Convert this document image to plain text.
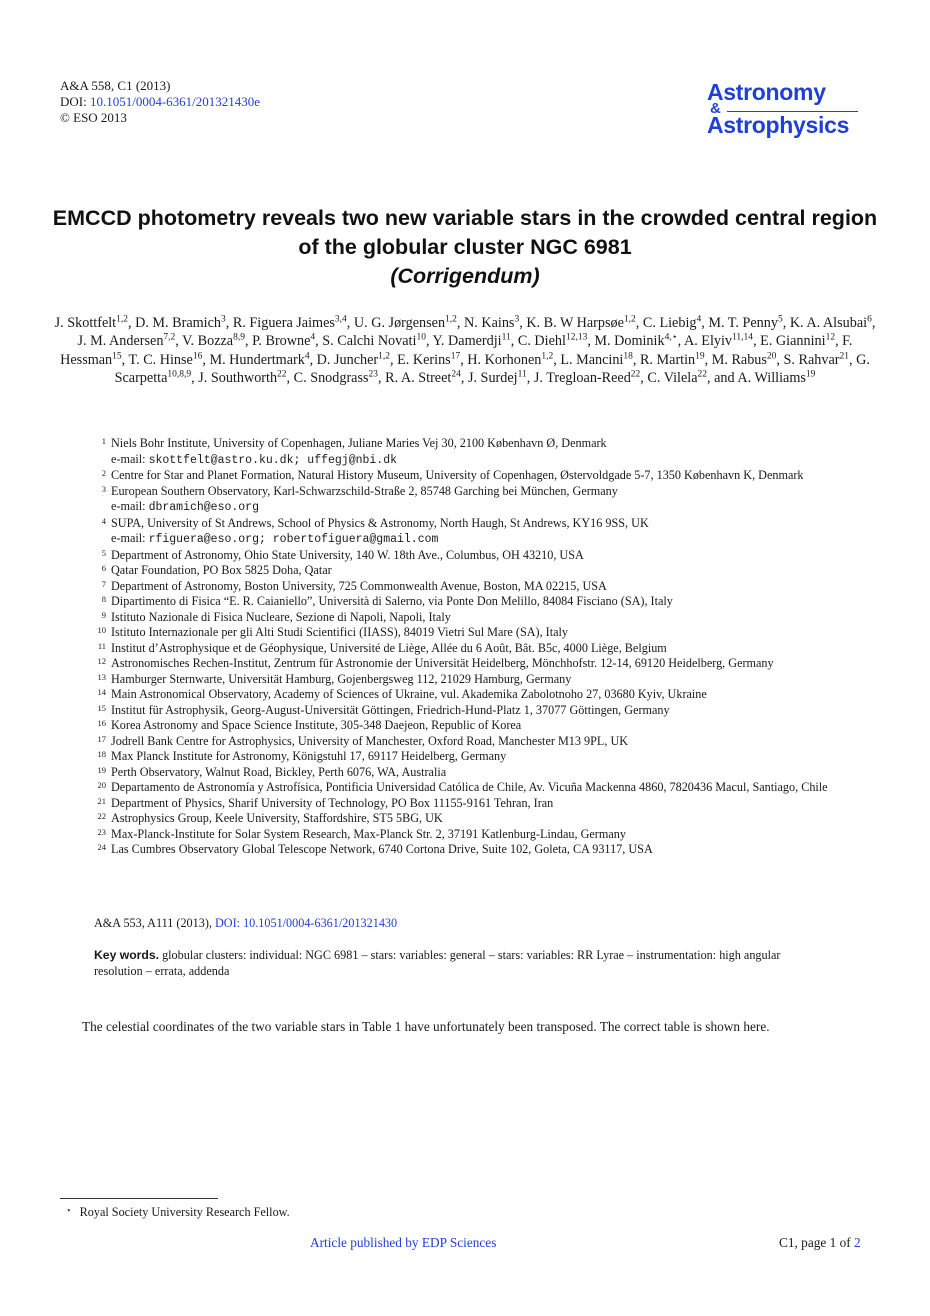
A&A 558, C1 (2013)
DOI: 10.1051/0004-6361/201321430e
© ESO 2013
Astronomy
&
Astrophysics
EMCCD photometry reveals two new variable stars in the crowded central region of the globular cluster NGC 6981
(Corrigendum)
J. Skottfelt$^{1,2}$, D. M. Bramich$^3$, R. Figuera Jaimes$^{3,4}$, U. G. Jørgensen$^{1,2}$, N. Kains$^3$, K. B. W Harpsøe$^{1,2}$, C. Liebig$^4$, M. T. Penny$^5$, K. A. Alsubai$^6$, J. M. Andersen$^{7,2}$, V. Bozza$^{8,9}$, P. Browne$^4$, S. Calchi Novati$^{10}$, Y. Damerdji$^{11}$, C. Diehl$^{12,13}$, M. Dominik$^{4,⋆}$, A. Elyiv$^{11,14}$, E. Giannini$^{12}$, F. Hessman$^{15}$, T. C. Hinse$^{16}$, M. Hundertmark$^4$, D. Juncher$^{1,2}$, E. Kerins$^{17}$, H. Korhonen$^{1,2}$, L. Mancini$^{18}$, R. Martin$^{19}$, M. Rabus$^{20}$, S. Rahvar$^{21}$, G. Scarpetta$^{10,8,9}$, J. Southworth$^{22}$, C. Snodgrass$^{23}$, R. A. Street$^{24}$, J. Surdej$^{11}$, J. Tregloan-Reed$^{22}$, C. Vilela$^{22}$, and A. Williams$^{19}$
1 Niels Bohr Institute, University of Copenhagen, Juliane Maries Vej 30, 2100 København Ø, Denmark
e-mail: skottfelt@astro.ku.dk; uffegj@nbi.dk
2 Centre for Star and Planet Formation, Natural History Museum, University of Copenhagen, Østervoldgade 5-7, 1350 København K, Denmark
3 European Southern Observatory, Karl-Schwarzschild-Straße 2, 85748 Garching bei München, Germany
e-mail: dbramich@eso.org
4 SUPA, University of St Andrews, School of Physics & Astronomy, North Haugh, St Andrews, KY16 9SS, UK
e-mail: rfiguera@eso.org; robertofiguera@gmail.com
5 Department of Astronomy, Ohio State University, 140 W. 18th Ave., Columbus, OH 43210, USA
6 Qatar Foundation, PO Box 5825 Doha, Qatar
7 Department of Astronomy, Boston University, 725 Commonwealth Avenue, Boston, MA 02215, USA
8 Dipartimento di Fisica “E. R. Caianiello”, Università di Salerno, via Ponte Don Melillo, 84084 Fisciano (SA), Italy
9 Istituto Nazionale di Fisica Nucleare, Sezione di Napoli, Napoli, Italy
10 Istituto Internazionale per gli Alti Studi Scientifici (IIASS), 84019 Vietri Sul Mare (SA), Italy
11 Institut d’Astrophysique et de Géophysique, Université de Liège, Allée du 6 Août, Bât. B5c, 4000 Liège, Belgium
12 Astronomisches Rechen-Institut, Zentrum für Astronomie der Universität Heidelberg, Mönchhofstr. 12-14, 69120 Heidelberg, Germany
13 Hamburger Sternwarte, Universität Hamburg, Gojenbergsweg 112, 21029 Hamburg, Germany
14 Main Astronomical Observatory, Academy of Sciences of Ukraine, vul. Akademika Zabolotnoho 27, 03680 Kyiv, Ukraine
15 Institut für Astrophysik, Georg-August-Universität Göttingen, Friedrich-Hund-Platz 1, 37077 Göttingen, Germany
16 Korea Astronomy and Space Science Institute, 305-348 Daejeon, Republic of Korea
17 Jodrell Bank Centre for Astrophysics, University of Manchester, Oxford Road, Manchester M13 9PL, UK
18 Max Planck Institute for Astronomy, Königstuhl 17, 69117 Heidelberg, Germany
19 Perth Observatory, Walnut Road, Bickley, Perth 6076, WA, Australia
20 Departamento de Astronomía y Astrofísica, Pontificia Universidad Católica de Chile, Av. Vicuña Mackenna 4860, 7820436 Macul, Santiago, Chile
21 Department of Physics, Sharif University of Technology, PO Box 11155-9161 Tehran, Iran
22 Astrophysics Group, Keele University, Staffordshire, ST5 5BG, UK
23 Max-Planck-Institute for Solar System Research, Max-Planck Str. 2, 37191 Katlenburg-Lindau, Germany
24 Las Cumbres Observatory Global Telescope Network, 6740 Cortona Drive, Suite 102, Goleta, CA 93117, USA
A&A 553, A111 (2013), DOI: 10.1051/0004-6361/201321430
Key words. globular clusters: individual: NGC 6981 – stars: variables: general – stars: variables: RR Lyrae – instrumentation: high angular resolution – errata, addenda
The celestial coordinates of the two variable stars in Table 1 have unfortunately been transposed. The correct table is shown here.
⋆ Royal Society University Research Fellow.
Article published by EDP Sciences	C1, page 1 of 2
